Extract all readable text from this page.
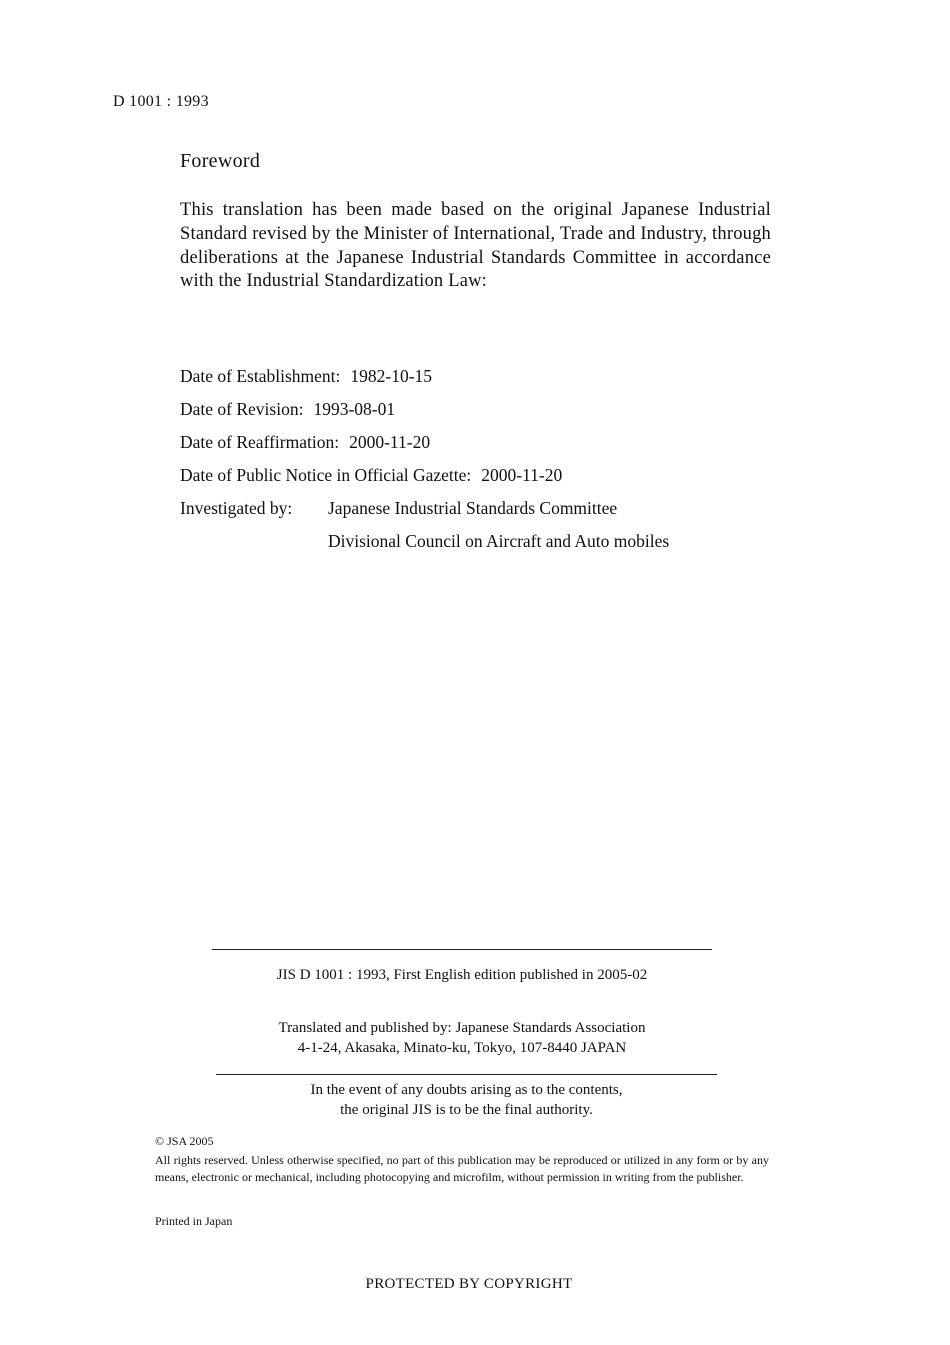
D 1001 : 1993
Foreword
This translation has been made based on the original Japanese Industrial Standard revised by the Minister of International, Trade and Industry, through deliberations at the Japanese Industrial Standards Committee in accordance with the Industrial Standardization Law:
Date of Establishment: 1982-10-15
Date of Revision: 1993-08-01
Date of Reaffirmation: 2000-11-20
Date of Public Notice in Official Gazette: 2000-11-20
Investigated by: Japanese Industrial Standards Committee
Divisional Council on Aircraft and Auto mobiles
JIS D 1001 : 1993, First English edition published in 2005-02
Translated and published by: Japanese Standards Association
4-1-24, Akasaka, Minato-ku, Tokyo, 107-8440 JAPAN
In the event of any doubts arising as to the contents,
the original JIS is to be the final authority.
© JSA 2005
All rights reserved. Unless otherwise specified, no part of this publication may be reproduced or utilized in any form or by any means, electronic or mechanical, including photocopying and microfilm, without permission in writing from the publisher.
Printed in Japan
PROTECTED BY COPYRIGHT
